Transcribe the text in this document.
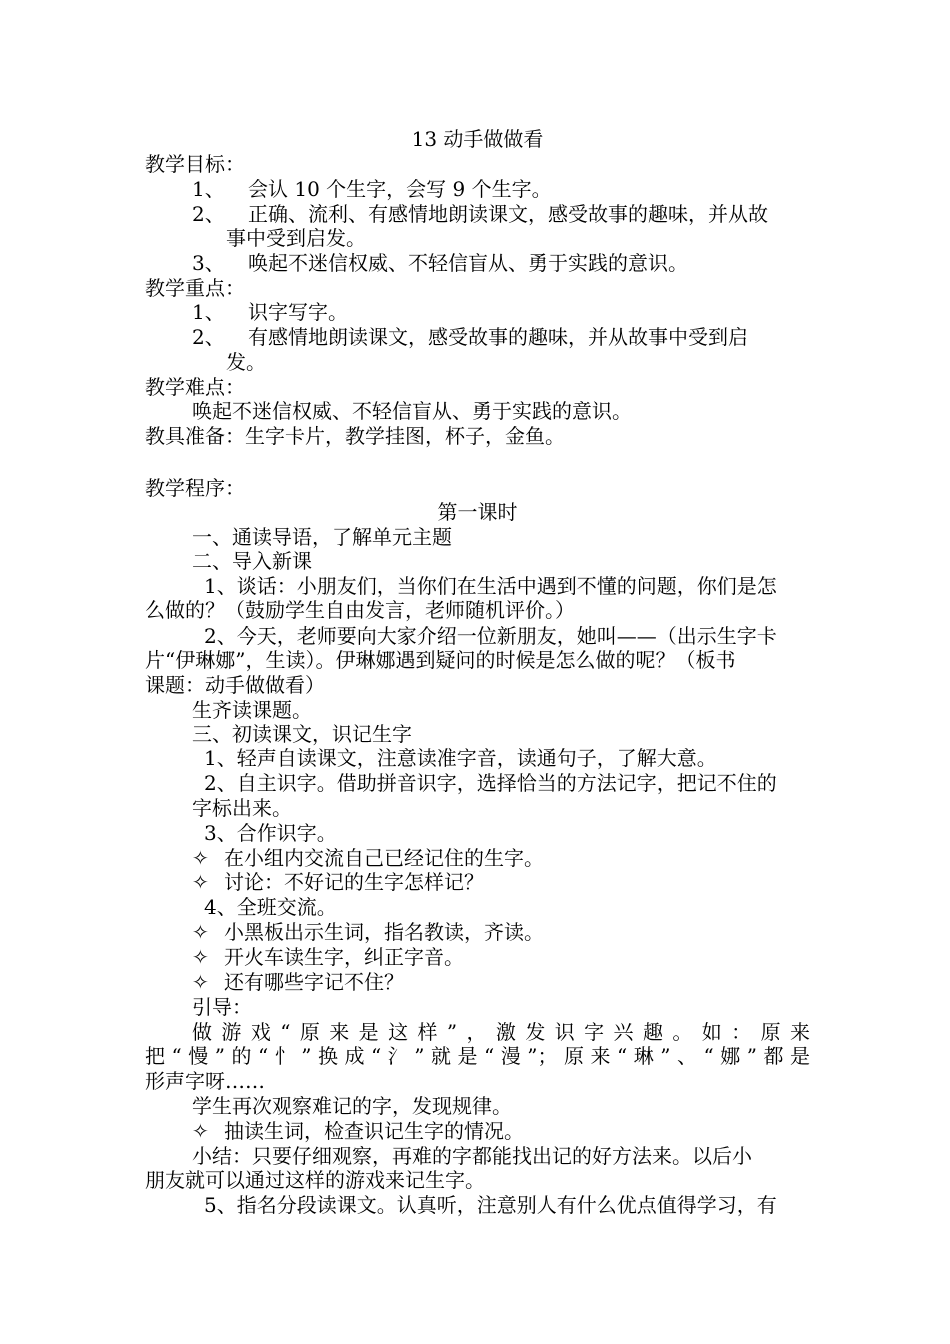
13 动手做做看
教学目标：
1、 会认 10 个生字，会写 9 个生字。
2、 正确、流利、有感情地朗读课文，感受故事的趣味，并从故
事中受到启发。
3、 唤起不迷信权威、不轻信盲从、勇于实践的意识。
教学重点：
1、 识字写字。
2、 有感情地朗读课文，感受故事的趣味，并从故事中受到启
发。
教学难点：
唤起不迷信权威、不轻信盲从、勇于实践的意识。
教具准备：生字卡片，教学挂图，杯子，金鱼。
教学程序：
第一课时
一、通读导语，了解单元主题
二、导入新课
1、谈话：小朋友们，当你们在生活中遇到不懂的问题，你们是怎
么做的？（鼓励学生自由发言，老师随机评价。）
2、今天，老师要向大家介绍一位新朋友，她叫——（出示生字卡
片“伊琳娜”，生读）。伊琳娜遇到疑问的时候是怎么做的呢？（板书
课题：动手做做看）
生齐读课题。
三、初读课文，识记生字
1、轻声自读课文，注意读准字音，读通句子，了解大意。
2、自主识字。借助拼音识字，选择恰当的方法记字，把记不住的
字标出来。
3、合作识字。
✧ 在小组内交流自己已经记住的生字。
✧ 讨论：不好记的生字怎样记？
4、全班交流。
✧ 小黑板出示生词，指名教读，齐读。
✧ 开火车读生字，纠正字音。
✧ 还有哪些字记不住？
引导：
做游戏“原来是这样”，激发识字兴趣。如：原来
把“慢”的“忄”换成“氵”就是“漫”；原来“琳”、“娜”都是
形声字呀……
学生再次观察难记的字，发现规律。
✧ 抽读生词，检查识记生字的情况。
小结：只要仔细观察，再难的字都能找出记的好方法来。以后小
朋友就可以通过这样的游戏来记生字。
5、指名分段读课文。认真听，注意别人有什么优点值得学习，有
